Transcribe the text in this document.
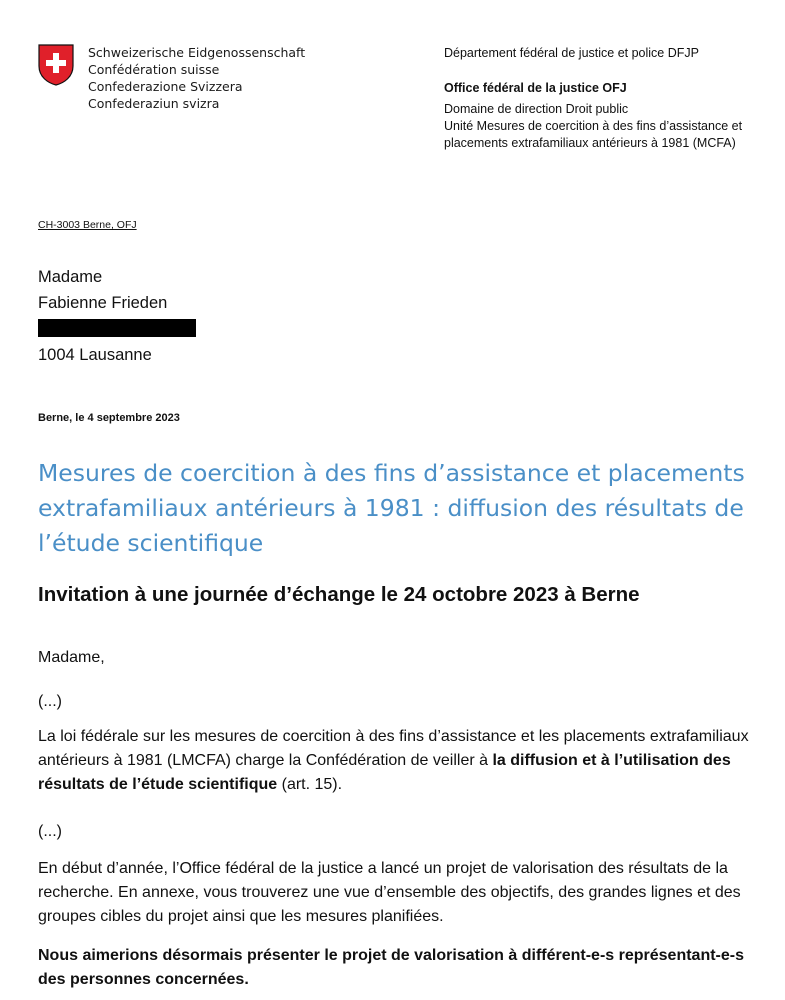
Schweizerische Eidgenossenschaft
Confédération suisse
Confederazione Svizzera
Confederaziun svizra
Département fédéral de justice et police DFJP
Office fédéral de la justice OFJ
Domaine de direction Droit public
Unité Mesures de coercition à des fins d’assistance et
placements extrafamiliaux antérieurs à 1981 (MCFA)
CH-3003 Berne, OFJ
Madame
Fabienne Frieden
1004 Lausanne
Berne, le 4 septembre 2023
Mesures de coercition à des fins d’assistance et placements
extrafamiliaux antérieurs à 1981 : diffusion des résultats de
l’étude scientifique
Invitation à une journée d’échange le 24 octobre 2023 à Berne

Madame,

(...)

La loi fédérale sur les mesures de coercition à des fins d’assistance et les placements extrafamiliaux antérieurs à 1981 (LMCFA) charge la Confédération de veiller à la diffusion et à l’utilisation des résultats de l’étude scientifique (art. 15).

(...)

En début d’année, l’Office fédéral de la justice a lancé un projet de valorisation des résultats de la recherche. En annexe, vous trouverez une vue d’ensemble des objectifs, des grandes lignes et des groupes cibles du projet ainsi que les mesures planifiées.

Nous aimerions désormais présenter le projet de valorisation à différent-e-s représentant-e-s des personnes concernées.
